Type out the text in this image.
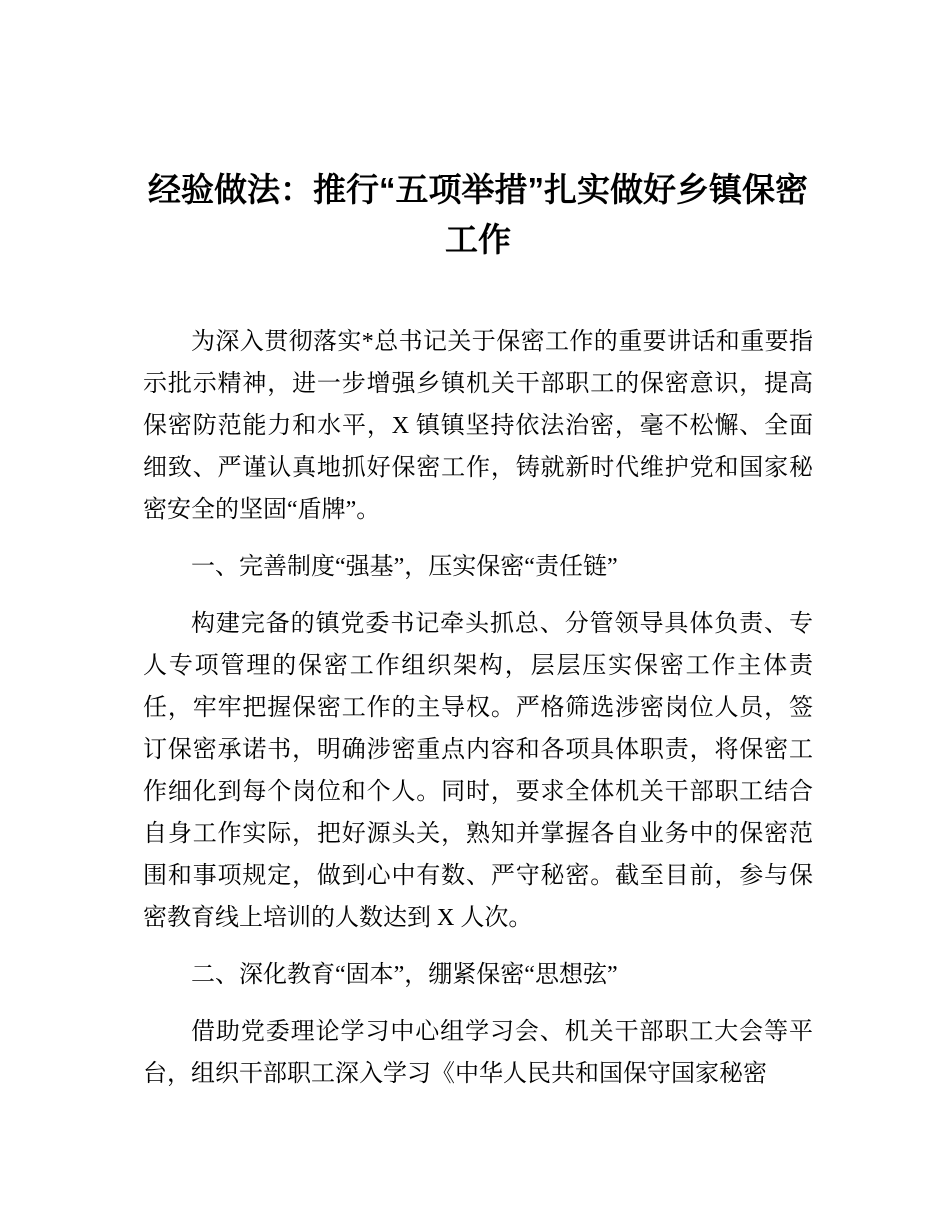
经验做法：推行“五项举措”扎实做好乡镇保密工作

为深入贯彻落实*总书记关于保密工作的重要讲话和重要指示批示精神，进一步增强乡镇机关干部职工的保密意识，提高保密防范能力和水平，X 镇镇坚持依法治密，毫不松懈、全面细致、严谨认真地抓好保密工作，铸就新时代维护党和国家秘密安全的坚固“盾牌”。

一、完善制度“强基”，压实保密“责任链”

构建完备的镇党委书记牵头抓总、分管领导具体负责、专人专项管理的保密工作组织架构，层层压实保密工作主体责任，牢牢把握保密工作的主导权。严格筛选涉密岗位人员，签订保密承诺书，明确涉密重点内容和各项具体职责，将保密工作细化到每个岗位和个人。同时，要求全体机关干部职工结合自身工作实际，把好源头关，熟知并掌握各自业务中的保密范围和事项规定，做到心中有数、严守秘密。截至目前，参与保密教育线上培训的人数达到 X 人次。

二、深化教育“固本”，绷紧保密“思想弦”

借助党委理论学习中心组学习会、机关干部职工大会等平台，组织干部职工深入学习《中华人民共和国保守国家秘密
